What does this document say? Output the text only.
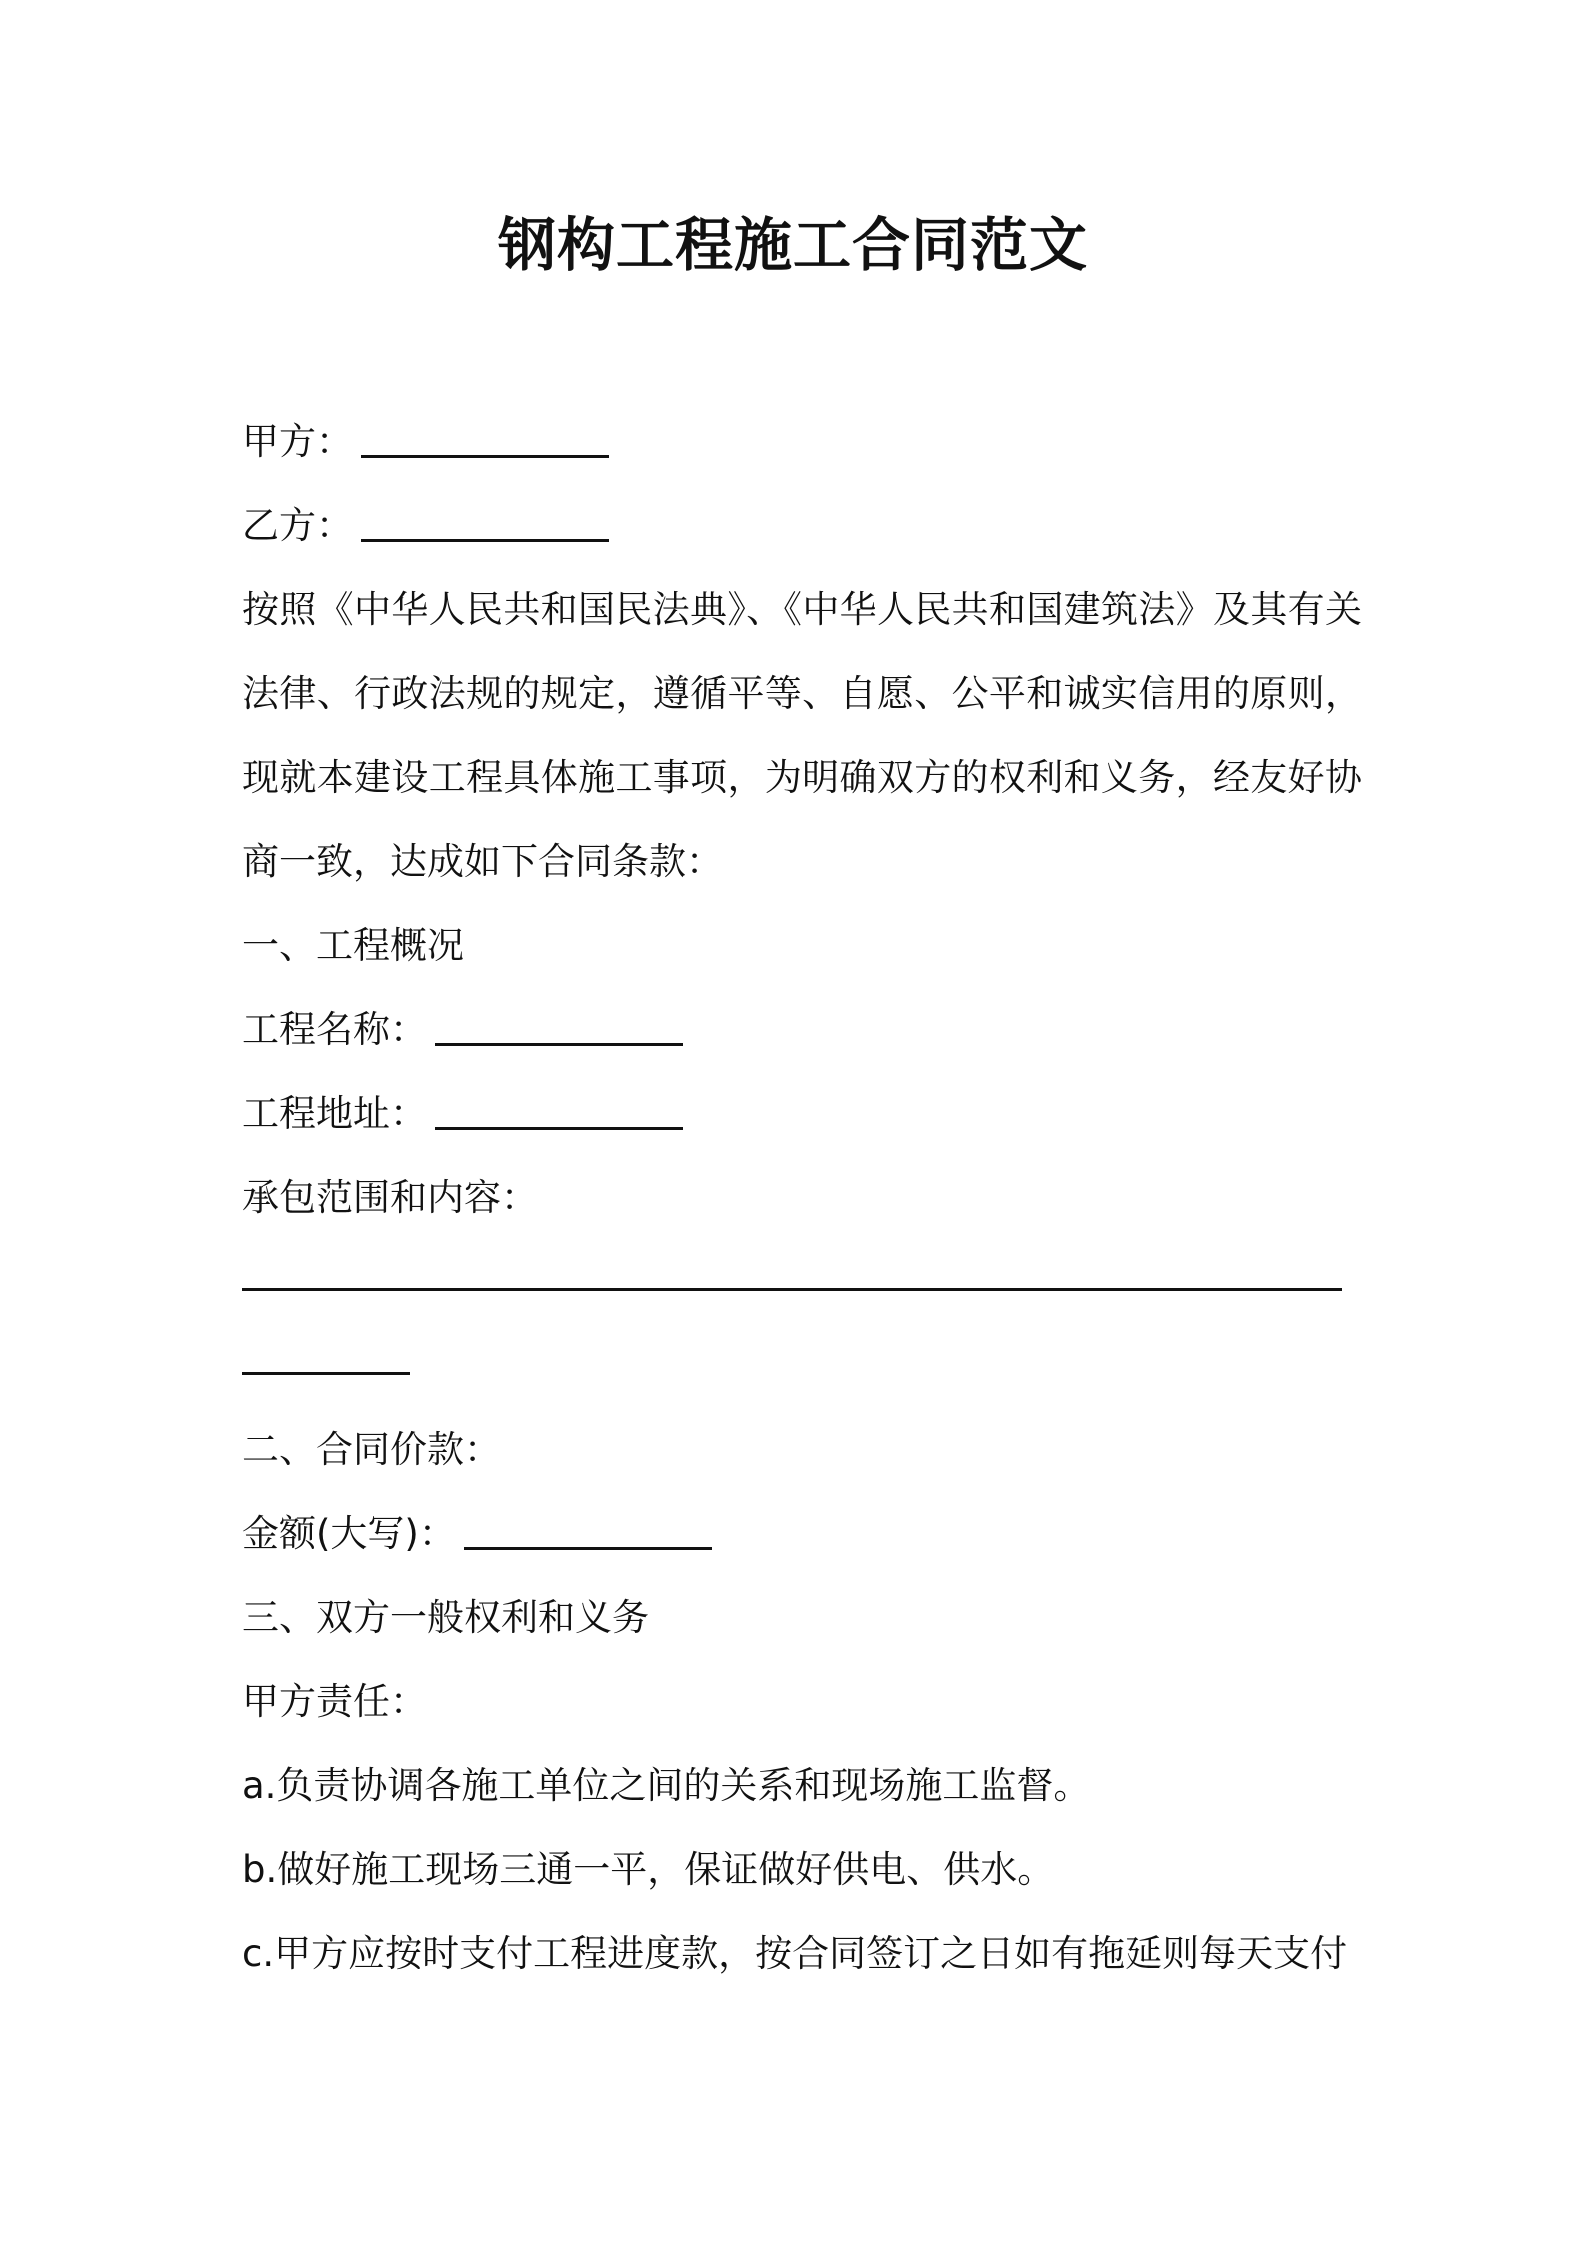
钢构工程施工合同范文
甲方：
乙方：
按照《中华人民共和国民法典》、《中华人民共和国建筑法》及其有关法律、行政法规的规定，遵循平等、自愿、公平和诚实信用的原则，现就本建设工程具体施工事项，为明确双方的权利和义务，经友好协商一致，达成如下合同条款：
一、工程概况
工程名称：
工程地址：
承包范围和内容：
二、合同价款：
金额(大写)：
三、双方一般权利和义务
甲方责任：
a.负责协调各施工单位之间的关系和现场施工监督。
b.做好施工现场三通一平，保证做好供电、供水。
c.甲方应按时支付工程进度款，按合同签订之日如有拖延则每天支付
